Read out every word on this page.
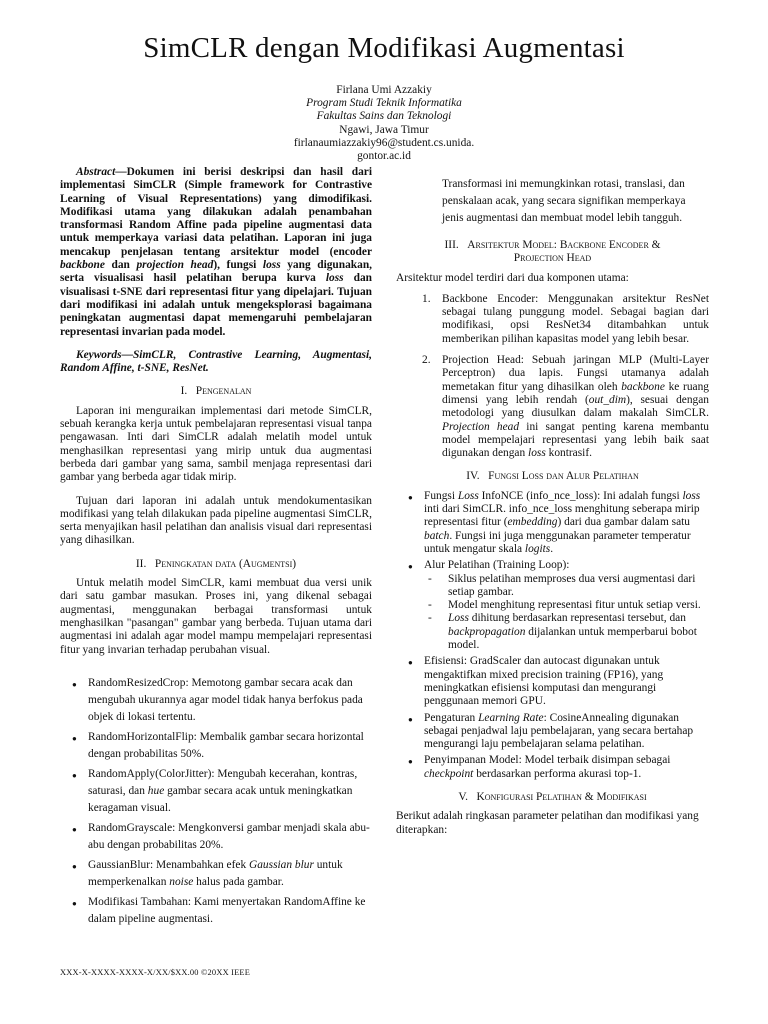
SimCLR dengan Modifikasi Augmentasi
Firlana Umi Azzakiy
Program Studi Teknik Informatika
Fakultas Sains dan Teknologi
Ngawi, Jawa Timur
firlanaumiazzakiy96@student.cs.unida.
gontor.ac.id

Abstract—Dokumen ini berisi deskripsi dan hasil dari implementasi SimCLR (Simple framework for Contrastive Learning of Visual Representations) yang dimodifikasi. Modifikasi utama yang dilakukan adalah penambahan transformasi Random Affine pada pipeline augmentasi data untuk memperkaya variasi data pelatihan. Laporan ini juga mencakup penjelasan tentang arsitektur model (encoder backbone dan projection head), fungsi loss yang digunakan, serta visualisasi hasil pelatihan berupa kurva loss dan visualisasi t-SNE dari representasi fitur yang dipelajari. Tujuan dari modifikasi ini adalah untuk mengeksplorasi bagaimana peningkatan augmentasi dapat memengaruhi pembelajaran representasi invarian pada model.

Keywords—SimCLR, Contrastive Learning, Augmentasi, Random Affine, t-SNE, ResNet.

I. Pengenalan

Laporan ini menguraikan implementasi dari metode SimCLR, sebuah kerangka kerja untuk pembelajaran representasi visual tanpa pengawasan. Inti dari SimCLR adalah melatih model untuk menghasilkan representasi yang mirip untuk dua augmentasi berbeda dari gambar yang sama, sambil menjaga representasi dari gambar yang berbeda agar tidak mirip.

Tujuan dari laporan ini adalah untuk mendokumentasikan modifikasi yang telah dilakukan pada pipeline augmentasi SimCLR, serta menyajikan hasil pelatihan dan analisis visual dari representasi yang dihasilkan.

II. Peningkatan data (Augmentsi)

Untuk melatih model SimCLR, kami membuat dua versi unik dari satu gambar masukan. Proses ini, yang dikenal sebagai augmentasi, menggunakan berbagai transformasi untuk menghasilkan "pasangan" gambar yang berbeda. Tujuan utama dari augmentasi ini adalah agar model mampu mempelajari representasi fitur yang invarian terhadap perubahan visual.

● RandomResizedCrop: Memotong gambar secara acak dan mengubah ukurannya agar model tidak hanya berfokus pada objek di lokasi tertentu.
● RandomHorizontalFlip: Membalik gambar secara horizontal dengan probabilitas 50%.
● RandomApply(ColorJitter): Mengubah kecerahan, kontras, saturasi, dan hue gambar secara acak untuk meningkatkan keragaman visual.
● RandomGrayscale: Mengkonversi gambar menjadi skala abu-abu dengan probabilitas 20%.
● GaussianBlur: Menambahkan efek Gaussian blur untuk memperkenalkan noise halus pada gambar.
● Modifikasi Tambahan: Kami menyertakan RandomAffine ke dalam pipeline augmentasi.

Transformasi ini memungkinkan rotasi, translasi, dan penskalaan acak, yang secara signifikan memperkaya jenis augmentasi dan membuat model lebih tangguh.

III. Arsitektur Model: Backbone Encoder &
Projection Head

Arsitektur model terdiri dari dua komponen utama:

1. Backbone Encoder: Menggunakan arsitektur ResNet sebagai tulang punggung model. Sebagai bagian dari modifikasi, opsi ResNet34 ditambahkan untuk memberikan pilihan kapasitas model yang lebih besar.
2. Projection Head: Sebuah jaringan MLP (Multi-Layer Perceptron) dua lapis. Fungsi utamanya adalah memetakan fitur yang dihasilkan oleh backbone ke ruang dimensi yang lebih rendah (out_dim), sesuai dengan metodologi yang diusulkan dalam makalah SimCLR. Projection head ini sangat penting karena membantu model mempelajari representasi yang lebih baik saat digunakan dengan loss kontrasif.
IV. Fungsi Loss dan Alur Pelatihan
● Fungsi Loss InfoNCE (info_nce_loss): Ini adalah fungsi loss inti dari SimCLR. info_nce_loss menghitung seberapa mirip representasi fitur (embedding) dari dua gambar dalam satu batch. Fungsi ini juga menggunakan parameter temperatur untuk mengatur skala logits.
● Alur Pelatihan (Training Loop):
- Siklus pelatihan memproses dua versi augmentasi dari setiap gambar.
- Model menghitung representasi fitur untuk setiap versi.
- Loss dihitung berdasarkan representasi tersebut, dan backpropagation dijalankan untuk memperbarui bobot model.
● Efisiensi: GradScaler dan autocast digunakan untuk mengaktifkan mixed precision training (FP16), yang meningkatkan efisiensi komputasi dan mengurangi penggunaan memori GPU.
● Pengaturan Learning Rate: CosineAnnealing digunakan sebagai penjadwal laju pembelajaran, yang secara bertahap mengurangi laju pembelajaran selama pelatihan.
● Penyimpanan Model: Model terbaik disimpan sebagai checkpoint berdasarkan performa akurasi top-1.
V. Konfigurasi Pelatihan & Modifikasi

Berikut adalah ringkasan parameter pelatihan dan modifikasi yang diterapkan:

XXX-X-XXXX-XXXX-X/XX/$XX.00 ©20XX IEEE
